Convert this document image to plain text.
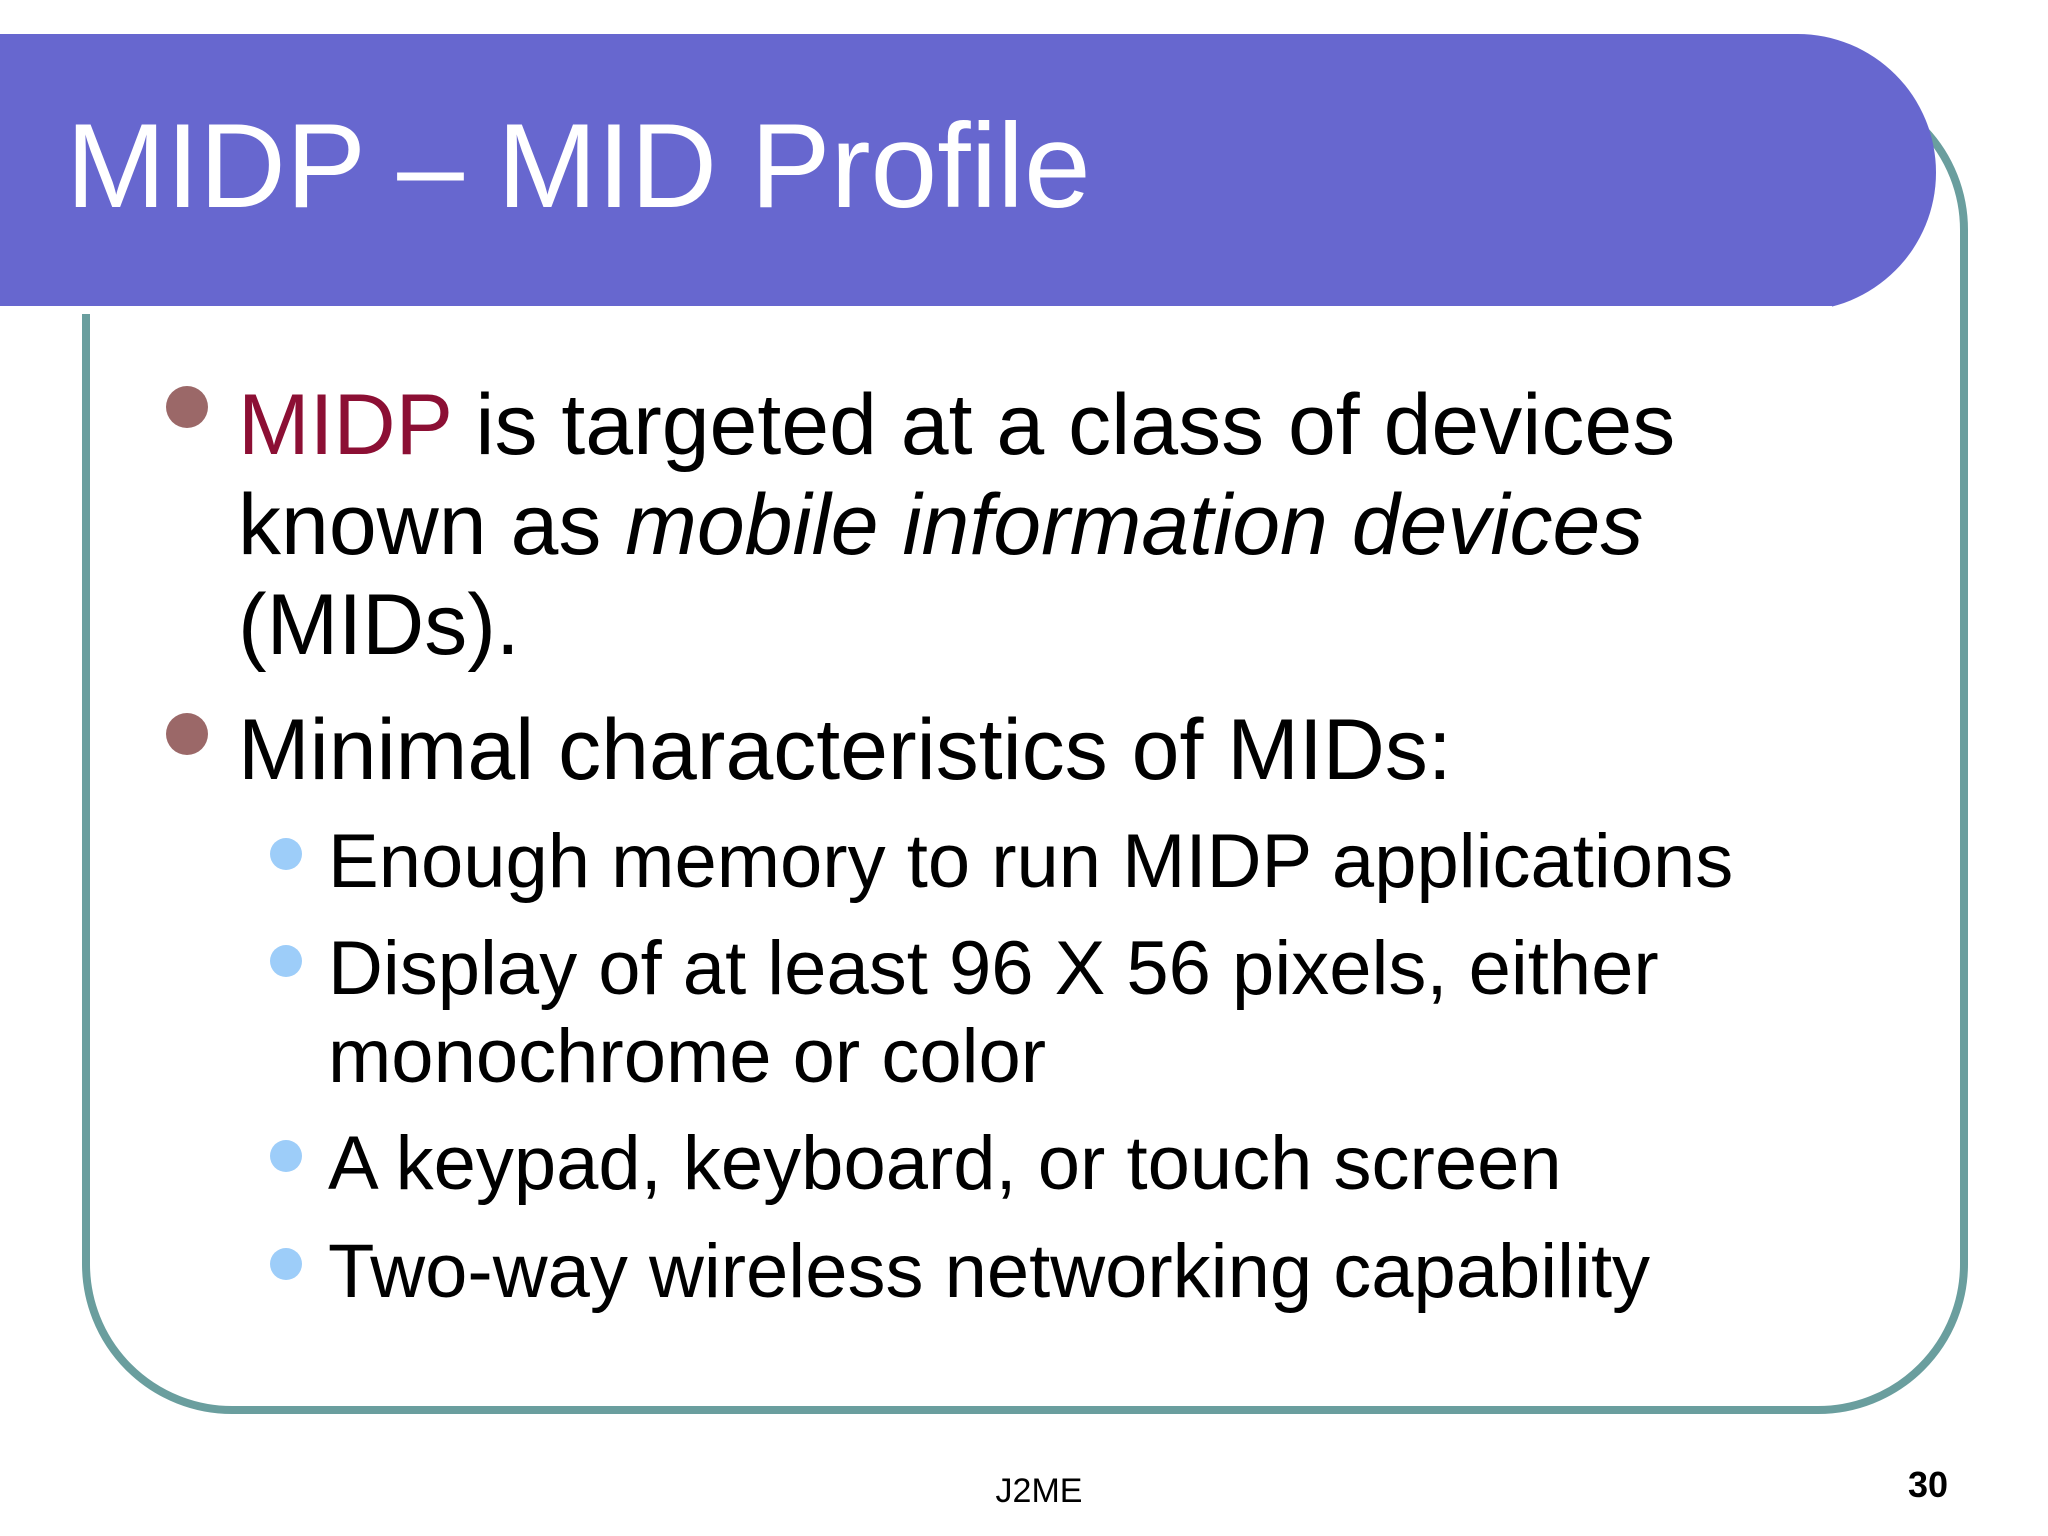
MIDP – MID Profile
MIDP is targeted at a class of devices
known as mobile information devices
(MIDs).
Minimal characteristics of MIDs:
Enough memory to run MIDP applications
Display of at least 96 X 56 pixels, either
monochrome or color
A keypad, keyboard, or touch screen
Two-way wireless networking capability
J2ME	30
